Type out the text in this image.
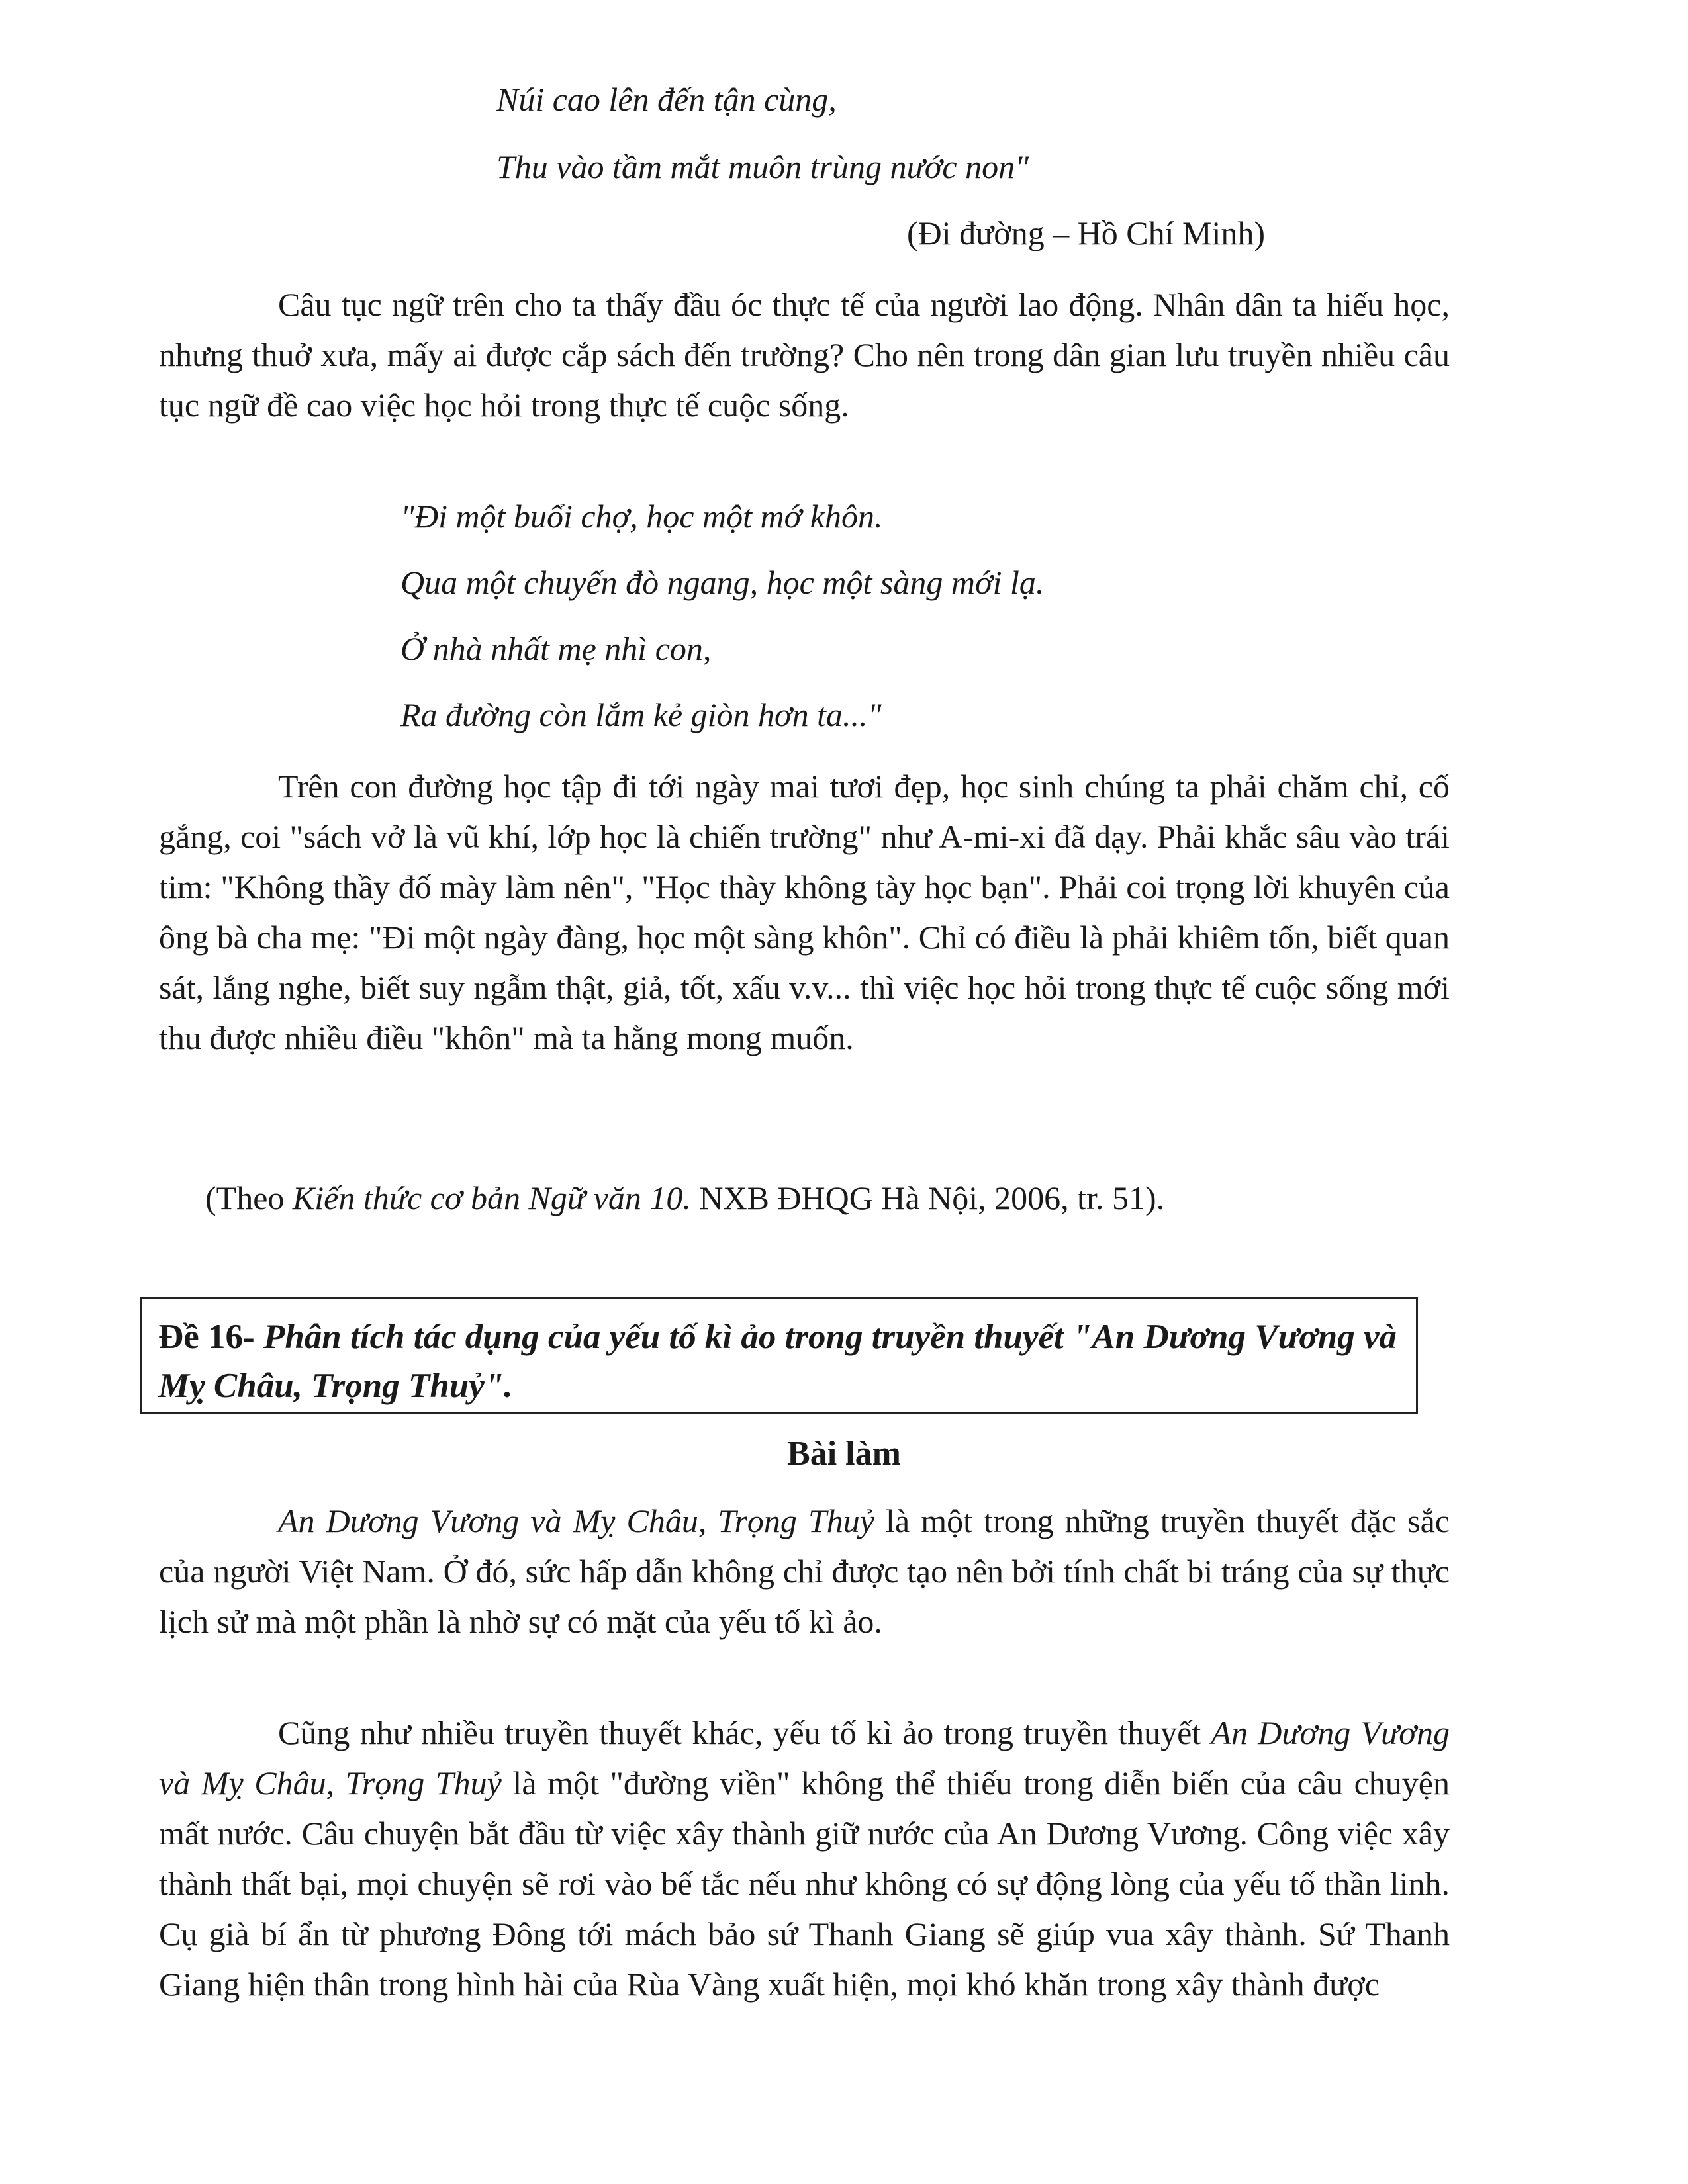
Núi cao lên đến tận cùng,
Thu vào tầm mắt muôn trùng nước non"
(Đi đường – Hồ Chí Minh)

Câu tục ngữ trên cho ta thấy đầu óc thực tế của người lao động. Nhân dân ta hiếu học, nhưng thuở xưa, mấy ai được cắp sách đến trường? Cho nên trong dân gian lưu truyền nhiều câu tục ngữ đề cao việc học hỏi trong thực tế cuộc sống.

"Đi một buổi chợ, học một mớ khôn.
Qua một chuyến đò ngang, học một sàng mới lạ.
Ở nhà nhất mẹ nhì con,
Ra đường còn lắm kẻ giòn hơn ta..."

Trên con đường học tập đi tới ngày mai tươi đẹp, học sinh chúng ta phải chăm chỉ, cố gắng, coi "sách vở là vũ khí, lớp học là chiến trường" như A-mi-xi đã dạy. Phải khắc sâu vào trái tim: "Không thầy đố mày làm nên", "Học thày không tày học bạn". Phải coi trọng lời khuyên của ông bà cha mẹ: "Đi một ngày đàng, học một sàng khôn". Chỉ có điều là phải khiêm tốn, biết quan sát, lắng nghe, biết suy ngẫm thật, giả, tốt, xấu v.v... thì việc học hỏi trong thực tế cuộc sống mới thu được nhiều điều "khôn" mà ta hằng mong muốn.

(Theo Kiến thức cơ bản Ngữ văn 10. NXB ĐHQG Hà Nội, 2006, tr. 51).
Đề 16- Phân tích tác dụng của yếu tố kì ảo trong truyền thuyết "An Dương Vương và Mỵ Châu, Trọng Thuỷ".
Bài làm

An Dương Vương và Mỵ Châu, Trọng Thuỷ là một trong những truyền thuyết đặc sắc của người Việt Nam. Ở đó, sức hấp dẫn không chỉ được tạo nên bởi tính chất bi tráng của sự thực lịch sử mà một phần là nhờ sự có mặt của yếu tố kì ảo.

Cũng như nhiều truyền thuyết khác, yếu tố kì ảo trong truyền thuyết An Dương Vương và Mỵ Châu, Trọng Thuỷ là một "đường viền" không thể thiếu trong diễn biến của câu chuyện mất nước. Câu chuyện bắt đầu từ việc xây thành giữ nước của An Dương Vương. Công việc xây thành thất bại, mọi chuyện sẽ rơi vào bế tắc nếu như không có sự động lòng của yếu tố thần linh. Cụ già bí ẩn từ phương Đông tới mách bảo sứ Thanh Giang sẽ giúp vua xây thành. Sứ Thanh Giang hiện thân trong hình hài của Rùa Vàng xuất hiện, mọi khó khăn trong xây thành được
